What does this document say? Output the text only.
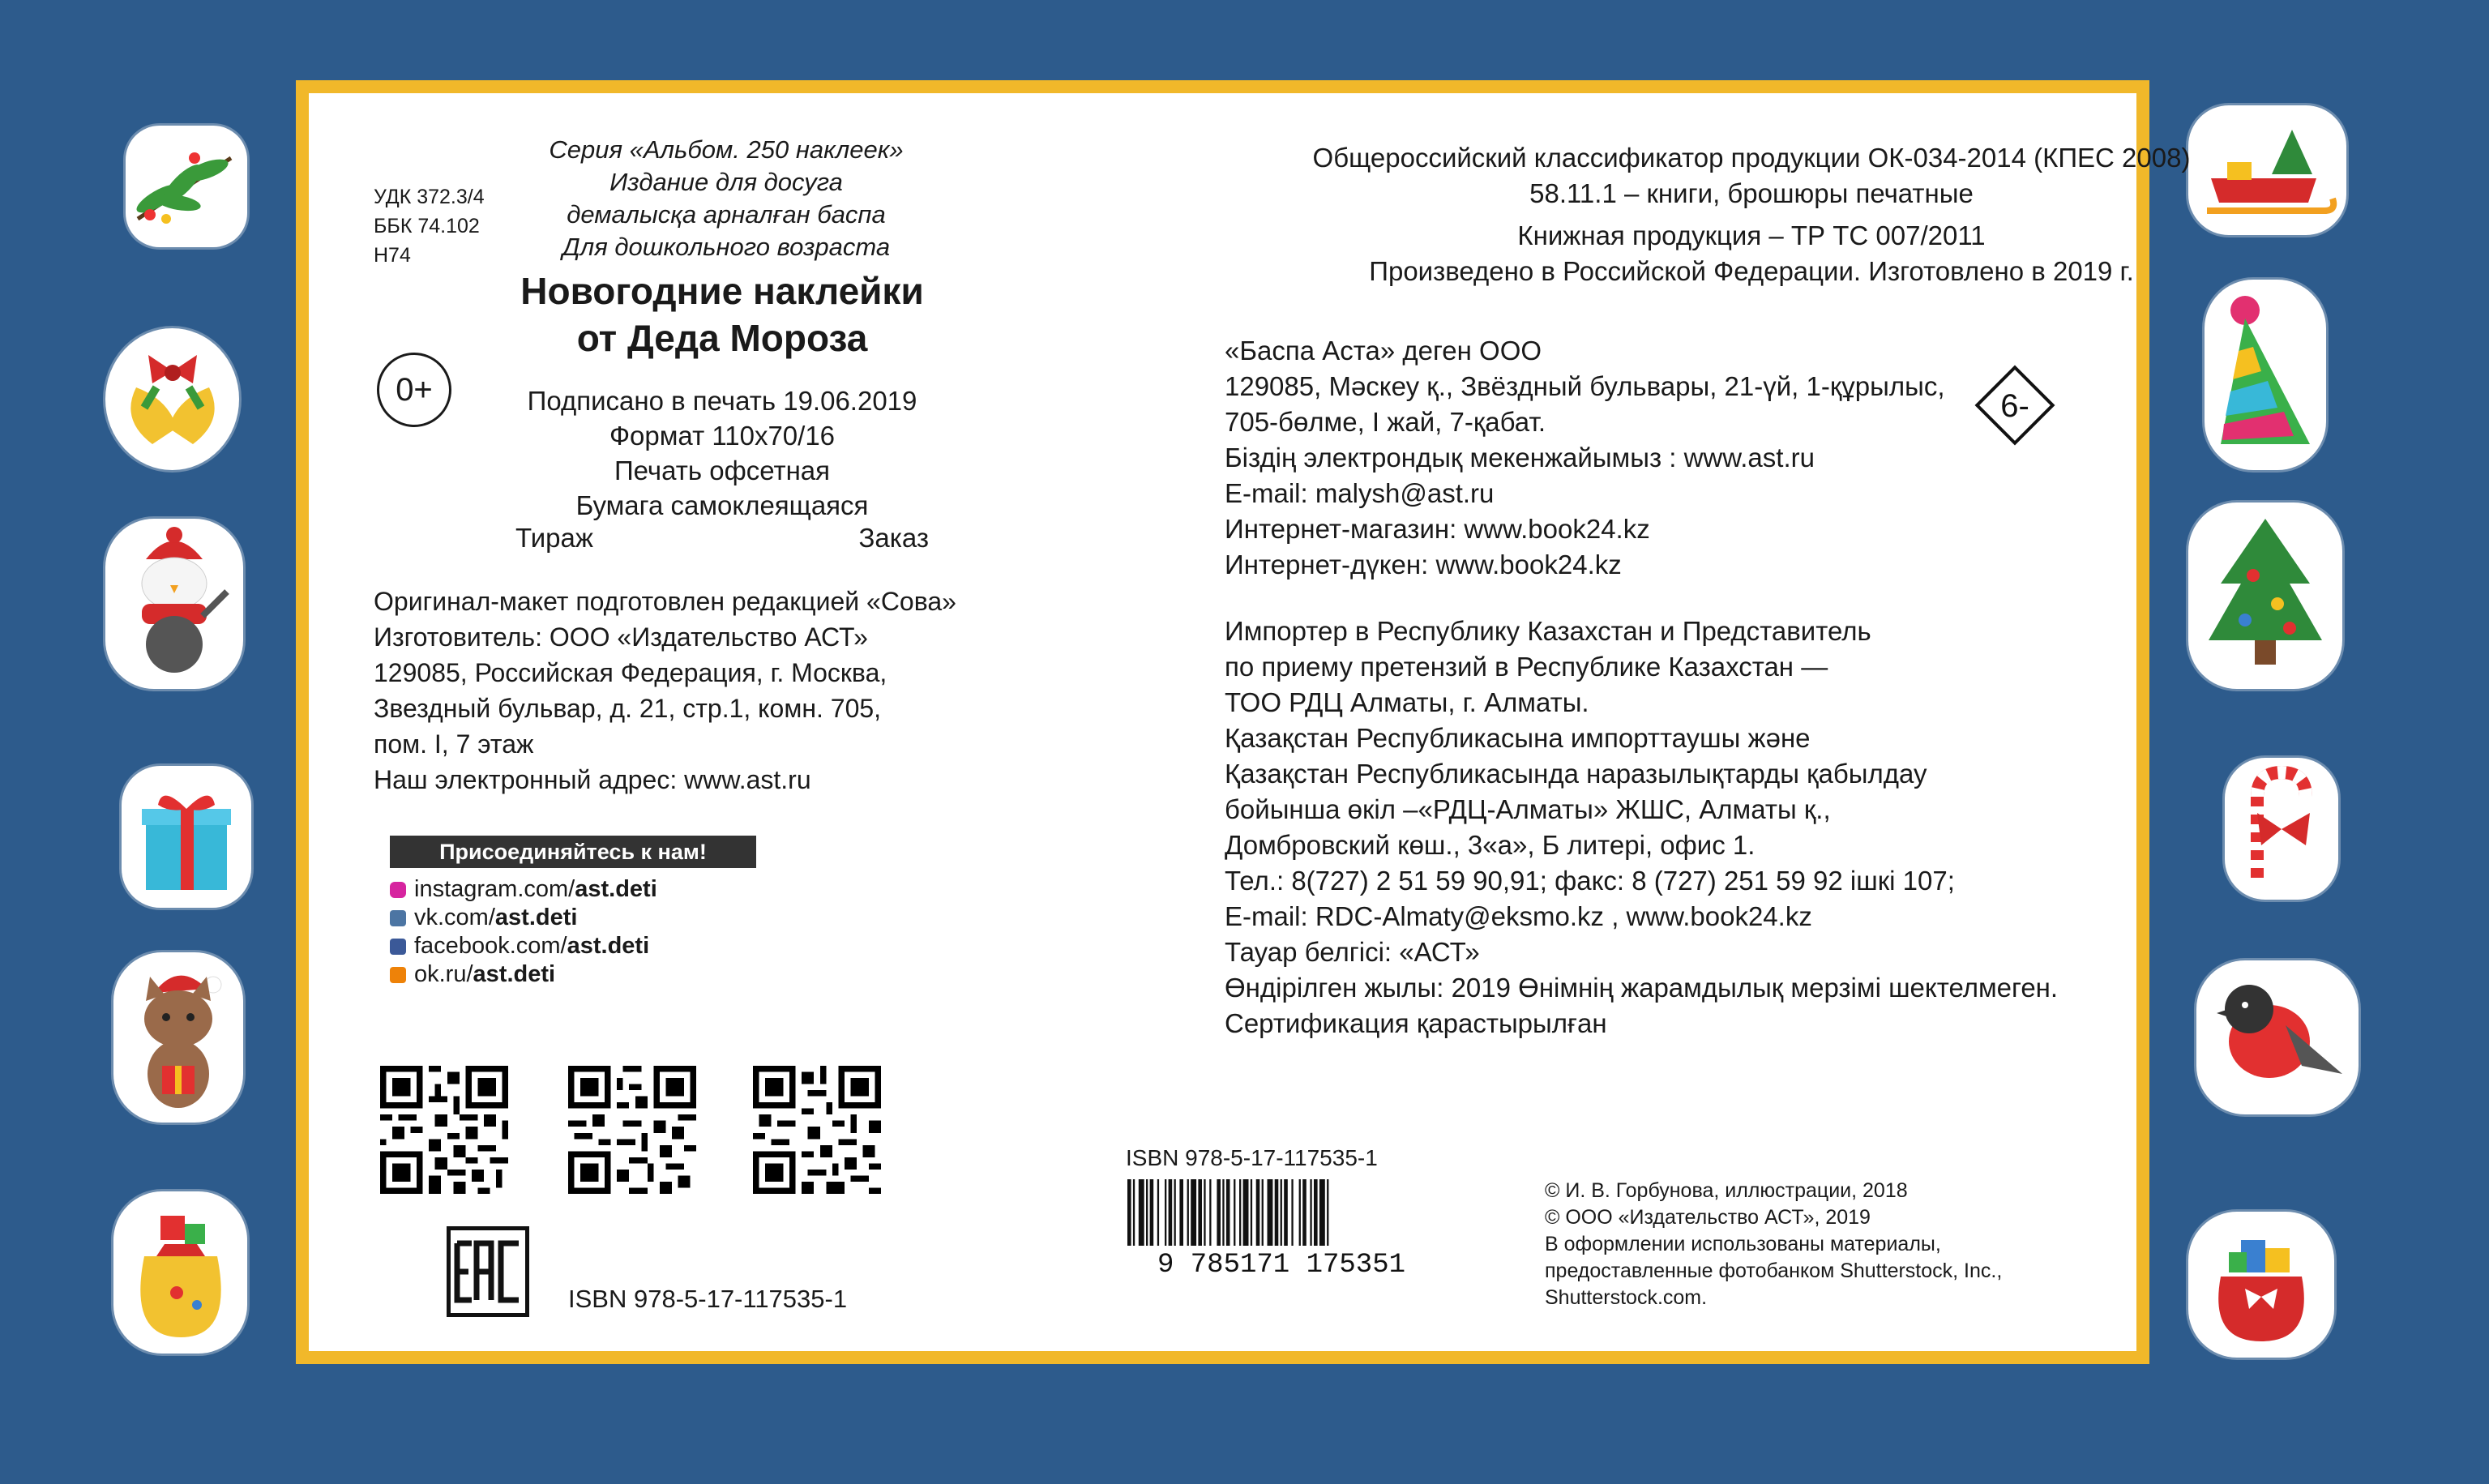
Серия «Альбом. 250 наклеек»
Издание для досуга
демалысқа арналған баспа
Для дошкольного возраста
УДК 372.3/4
ББК 74.102
Н74
Новогодние наклейки
от Деда Мороза
0+	Подписано в печать 19.06.2019
Формат 110х70/16
Печать офсетная
Бумага самоклеящаяся
Тираж	Заказ
Оригинал-макет подготовлен редакцией «Сова»
Изготовитель: ООО «Издательство АСТ»
129085, Российская Федерация, г. Москва,
Звездный бульвар, д. 21, стр.1, комн. 705,
пом. I, 7 этаж
Наш электронный адрес: www.ast.ru
Присоединяйтесь к нам!
instagram.com/ ast.deti
vk.com/ ast.deti
facebook.com/ ast.deti
ok.ru/ ast.deti
ISBN 978-5-17-117535-1
Общероссийский классификатор продукции ОК-034-2014 (КПЕС 2008)
58.11.1 – книги, брошюры печатные
Книжная продукция – ТР ТС 007/2011
Произведено в Российской Федерации. Изготовлено в 2019 г.
«Баспа Аста» деген ООО
129085, Мәскеу қ., Звёздный бульвары, 21-үй, 1-құрылыс,
705-бөлме, I жай, 7-қабат.
Біздің электрондық мекенжайымыз : www.ast.ru
E-mail: malysh@ast.ru
Интернет-магазин: www.book24.kz
Интернет-дүкен: www.book24.kz
6-
Импортер в Республику Казахстан и Представитель
по приему претензий в Республике Казахстан —
ТОО РДЦ Алматы, г. Алматы.
Қазақстан Республикасына импорттаушы және
Қазақстан Республикасында наразылықтарды қабылдау
бойынша өкіл –«РДЦ-Алматы» ЖШС, Алматы қ.,
Домбровский көш., 3«а», Б литері, офис 1.
Тел.: 8(727) 2 51 59 90,91; факс: 8 (727) 251 59 92 ішкі 107;
E-mail: RDC-Almaty@eksmo.kz , www.book24.kz
Тауар белгісі: «АСТ»
Өндірілген жылы: 2019 Өнімнің жарамдылық мерзімі шектелмеген.
Сертификация қарастырылған
ISBN 978-5-17-117535-1
9 785171 175351
© И. В. Горбунова, иллюстрации, 2018
© ООО «Издательство АСТ», 2019
В оформлении использованы материалы,
предоставленные фотобанком Shutterstock, Inc.,
Shutterstock.com.
